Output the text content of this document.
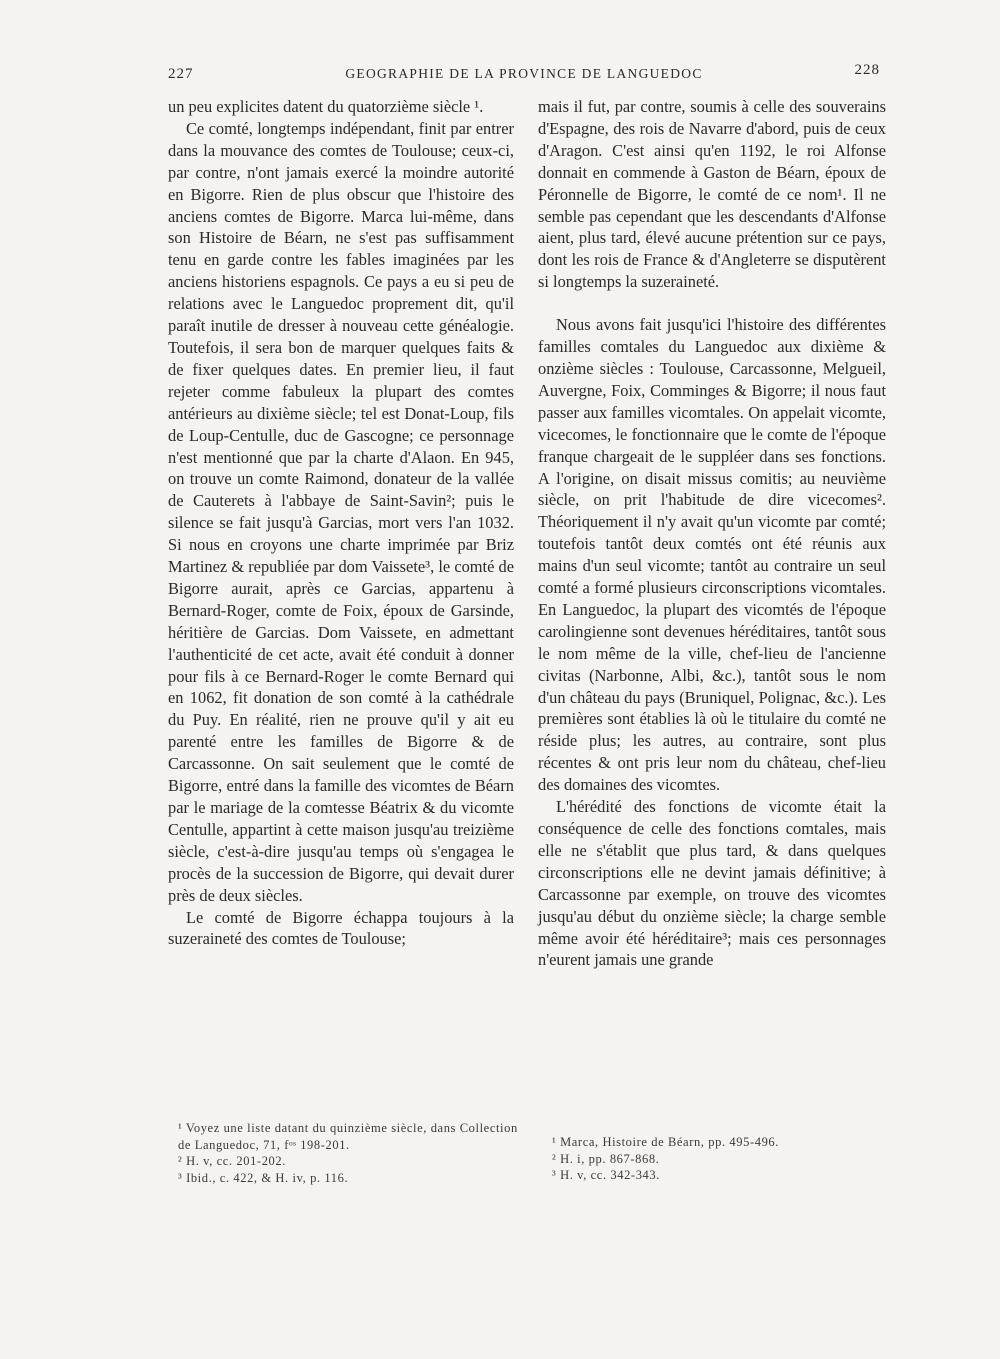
227	GEOGRAPHIE DE LA PROVINCE DE LANGUEDOC	228

un peu explicites datent du quatorzième siècle ¹.

Ce comté, longtemps indépendant, finit par entrer dans la mouvance des comtes de Toulouse; ceux-ci, par contre, n'ont jamais exercé la moindre autorité en Bigorre. Rien de plus obscur que l'histoire des anciens comtes de Bigorre. Marca lui-même, dans son Histoire de Béarn, ne s'est pas suffisamment tenu en garde contre les fables imaginées par les anciens historiens espagnols. Ce pays a eu si peu de relations avec le Languedoc proprement dit, qu'il paraît inutile de dresser à nouveau cette généalogie. Toutefois, il sera bon de marquer quelques faits & de fixer quelques dates. En premier lieu, il faut rejeter comme fabuleux la plupart des comtes antérieurs au dixième siècle; tel est Donat-Loup, fils de Loup-Centulle, duc de Gascogne; ce personnage n'est mentionné que par la charte d'Alaon. En 945, on trouve un comte Raimond, donateur de la vallée de Cauterets à l'abbaye de Saint-Savin²; puis le silence se fait jusqu'à Garcias, mort vers l'an 1032. Si nous en croyons une charte imprimée par Briz Martinez & republiée par dom Vaissete³, le comté de Bigorre aurait, après ce Garcias, appartenu à Bernard-Roger, comte de Foix, époux de Garsinde, héritière de Garcias. Dom Vaissete, en admettant l'authenticité de cet acte, avait été conduit à donner pour fils à ce Bernard-Roger le comte Bernard qui en 1062, fit donation de son comté à la cathédrale du Puy. En réalité, rien ne prouve qu'il y ait eu parenté entre les familles de Bigorre & de Carcassonne. On sait seulement que le comté de Bigorre, entré dans la famille des vicomtes de Béarn par le mariage de la comtesse Béatrix & du vicomte Centulle, appartint à cette maison jusqu'au treizième siècle, c'est-à-dire jusqu'au temps où s'engagea le procès de la succession de Bigorre, qui devait durer près de deux siècles.

Le comté de Bigorre échappa toujours à la suzeraineté des comtes de Toulouse;

mais il fut, par contre, soumis à celle des souverains d'Espagne, des rois de Navarre d'abord, puis de ceux d'Aragon. C'est ainsi qu'en 1192, le roi Alfonse donnait en commende à Gaston de Béarn, époux de Péronnelle de Bigorre, le comté de ce nom¹. Il ne semble pas cependant que les descendants d'Alfonse aient, plus tard, élevé aucune prétention sur ce pays, dont les rois de France & d'Angleterre se disputèrent si longtemps la suzeraineté.

Nous avons fait jusqu'ici l'histoire des différentes familles comtales du Languedoc aux dixième & onzième siècles : Toulouse, Carcassonne, Melgueil, Auvergne, Foix, Comminges & Bigorre; il nous faut passer aux familles vicomtales. On appelait vicomte, vicecomes, le fonctionnaire que le comte de l'époque franque chargeait de le suppléer dans ses fonctions. A l'origine, on disait missus comitis; au neuvième siècle, on prit l'habitude de dire vicecomes². Théoriquement il n'y avait qu'un vicomte par comté; toutefois tantôt deux comtés ont été réunis aux mains d'un seul vicomte; tantôt au contraire un seul comté a formé plusieurs circonscriptions vicomtales. En Languedoc, la plupart des vicomtés de l'époque carolingienne sont devenues héréditaires, tantôt sous le nom même de la ville, chef-lieu de l'ancienne civitas (Narbonne, Albi, &c.), tantôt sous le nom d'un château du pays (Bruniquel, Polignac, &c.). Les premières sont établies là où le titulaire du comté ne réside plus; les autres, au contraire, sont plus récentes & ont pris leur nom du château, chef-lieu des domaines des vicomtes.

L'hérédité des fonctions de vicomte était la conséquence de celle des fonctions comtales, mais elle ne s'établit que plus tard, & dans quelques circonscriptions elle ne devint jamais définitive; à Carcassonne par exemple, on trouve des vicomtes jusqu'au début du onzième siècle; la charge semble même avoir été héréditaire³; mais ces personnages n'eurent jamais une grande

¹ Voyez une liste datant du quinzième siècle, dans Collection de Languedoc, 71, fᵒˢ 198-201.
² H. v, cc. 201-202.
³ Ibid., c. 422, & H. iv, p. 116.
¹ Marca, Histoire de Béarn, pp. 495-496.
² H. i, pp. 867-868.
³ H. v, cc. 342-343.
